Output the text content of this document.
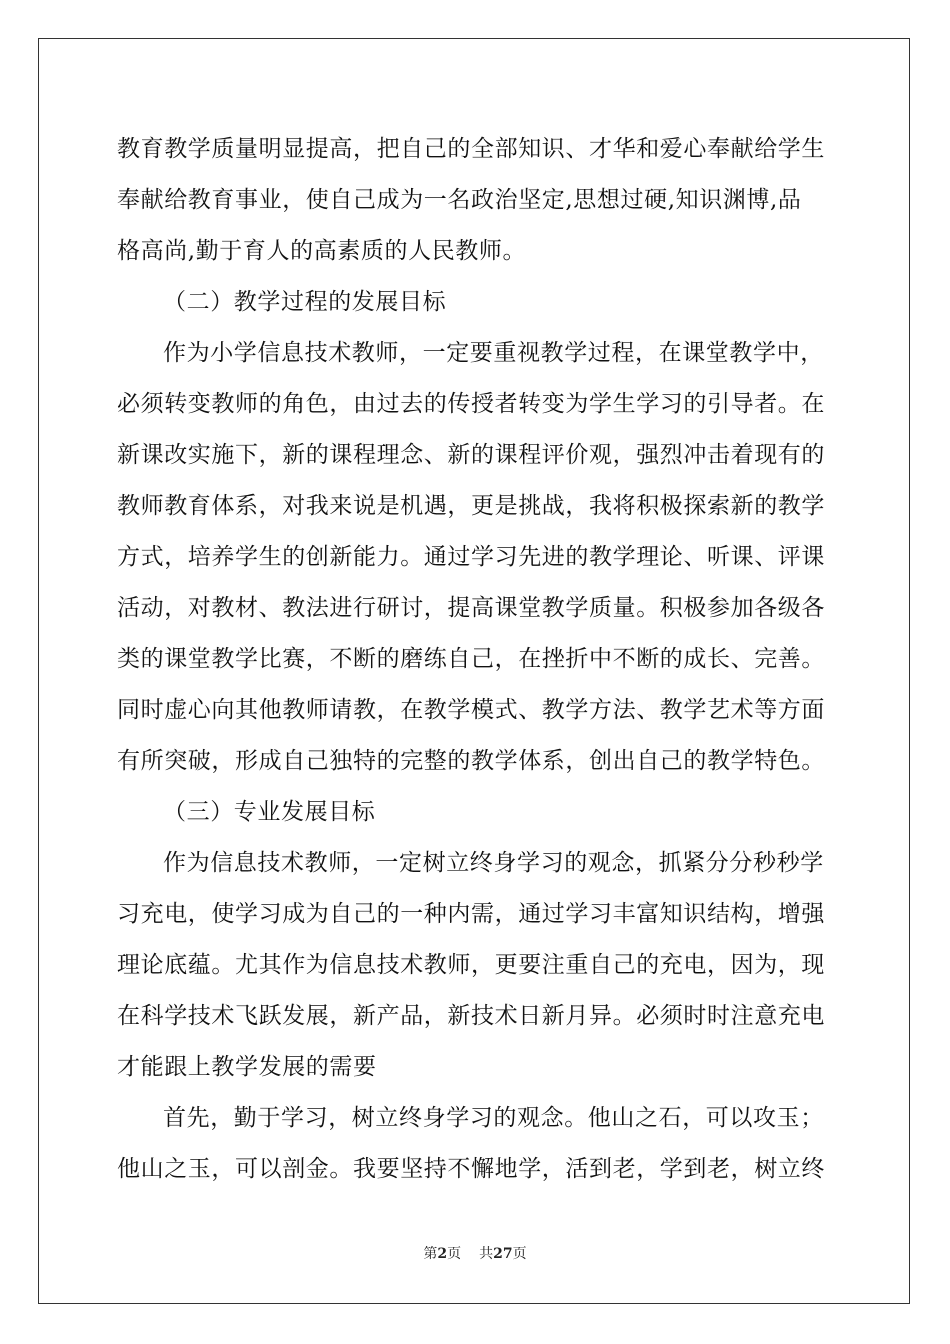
教育教学质量明显提高，把自己的全部知识、才华和爱心奉献给学生
奉献给教育事业，使自己成为一名政治坚定,思想过硬,知识渊博,品
格高尚,勤于育人的高素质的人民教师。
（二）教学过程的发展目标
作为小学信息技术教师，一定要重视教学过程，在课堂教学中，
必须转变教师的角色，由过去的传授者转变为学生学习的引导者。在
新课改实施下，新的课程理念、新的课程评价观，强烈冲击着现有的
教师教育体系，对我来说是机遇，更是挑战，我将积极探索新的教学
方式，培养学生的创新能力。通过学习先进的教学理论、听课、评课
活动，对教材、教法进行研讨，提高课堂教学质量。积极参加各级各
类的课堂教学比赛，不断的磨练自己，在挫折中不断的成长、完善。
同时虚心向其他教师请教，在教学模式、教学方法、教学艺术等方面
有所突破，形成自己独特的完整的教学体系，创出自己的教学特色。
（三）专业发展目标
作为信息技术教师，一定树立终身学习的观念，抓紧分分秒秒学
习充电，使学习成为自己的一种内需，通过学习丰富知识结构，增强
理论底蕴。尤其作为信息技术教师，更要注重自己的充电，因为，现
在科学技术飞跃发展，新产品，新技术日新月异。必须时时注意充电
才能跟上教学发展的需要
首先，勤于学习，树立终身学习的观念。他山之石，可以攻玉；
他山之玉，可以剖金。我要坚持不懈地学，活到老，学到老，树立终
第2页 共27页
